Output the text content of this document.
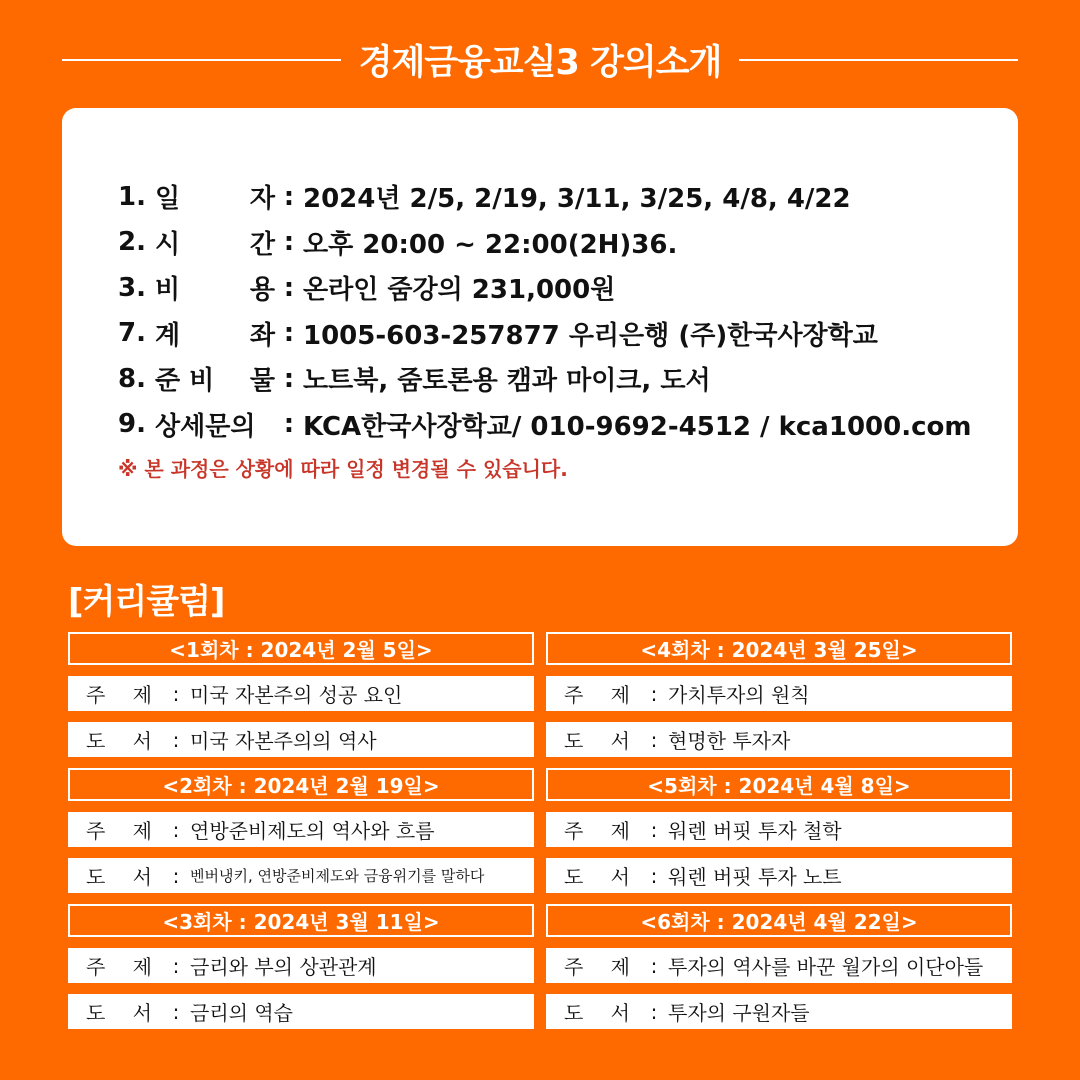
경제금융교실3 강의소개
1. 일	자 : 2024년 2/5, 2/19, 3/11, 3/25, 4/8, 4/22
2. 시	간 : 오후 20:00 ~ 22:00(2H)36.
3. 비	용 : 온라인 줌강의 231,000원
7. 계	좌 : 1005-603-257877 우리은행 (주)한국사장학교
8. 준 비 물 : 노트북, 줌토론용 캠과 마이크, 도서
9. 상세문의	: KCA한국사장학교/ 010-9692-4512 / kca1000.com
※ 본 과정은 상황에 따라 일정 변경될 수 있습니다.
[커리큘럼]
<1회차 : 2024년 2월 5일>
주 제	: 미국 자본주의 성공 요인
도 서	: 미국 자본주의의 역사
<4회차 : 2024년 3월 25일>
주 제	: 가치투자의 원칙
도 서	: 현명한 투자자
<2회차 : 2024년 2월 19일>
주 제	: 연방준비제도의 역사와 흐름
도 서	: 벤버냉키, 연방준비제도와 금융위기를 말하다
<5회차 : 2024년 4월 8일>
주 제	: 워렌 버핏 투자 철학
도 서	: 워렌 버핏 투자 노트
<3회차 : 2024년 3월 11일>
주 제	: 금리와 부의 상관관계
도 서	: 금리의 역습
<6회차 : 2024년 4월 22일>
주 제	: 투자의 역사를 바꾼 월가의 이단아들
도 서	: 투자의 구원자들
